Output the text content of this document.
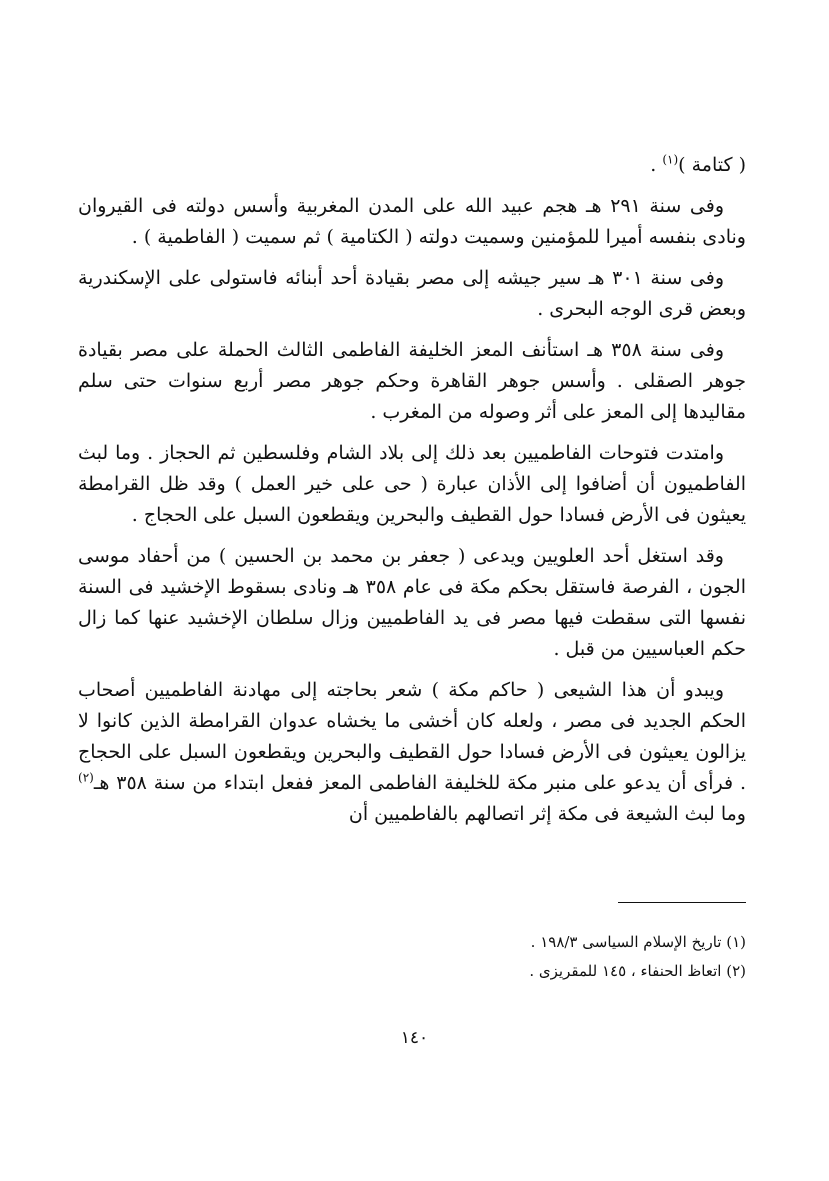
( كتامة )$^{(١)}$ .

وفى سنة ٢٩١ هـ هجم عبيد الله على المدن المغربية وأسس دولته فى القيروان ونادى بنفسه أميرا للمؤمنين وسميت دولته ( الكتامية ) ثم سميت ( الفاطمية ) .

وفى سنة ٣٠١ هـ سير جيشه إلى مصر بقيادة أحد أبنائه فاستولى على الإسكندرية وبعض قرى الوجه البحرى .

وفى سنة ٣٥٨ هـ استأنف المعز الخليفة الفاطمى الثالث الحملة على مصر بقيادة جوهر الصقلى . وأسس جوهر القاهرة وحكم جوهر مصر أربع سنوات حتى سلم مقاليدها إلى المعز على أثر وصوله من المغرب .

وامتدت فتوحات الفاطميين بعد ذلك إلى بلاد الشام وفلسطين ثم الحجاز . وما لبث الفاطميون أن أضافوا إلى الأذان عبارة ( حى على خير العمل ) وقد ظل القرامطة يعيثون فى الأرض فسادا حول القطيف والبحرين ويقطعون السبل على الحجاج .

وقد استغل أحد العلويين ويدعى ( جعفر بن محمد بن الحسين ) من أحفاد موسى الجون ، الفرصة فاستقل بحكم مكة فى عام ٣٥٨ هـ ونادى بسقوط الإخشيد فى السنة نفسها التى سقطت فيها مصر فى يد الفاطميين وزال سلطان الإخشيد عنها كما زال حكم العباسيين من قبل .

ويبدو أن هذا الشيعى ( حاكم مكة ) شعر بحاجته إلى مهادنة الفاطميين أصحاب الحكم الجديد فى مصر ، ولعله كان أخشى ما يخشاه عدوان القرامطة الذين كانوا لا يزالون يعيثون فى الأرض فسادا حول القطيف والبحرين ويقطعون السبل على الحجاج . فرأى أن يدعو على منبر مكة للخليفة الفاطمى المعز ففعل ابتداء من سنة ٣٥٨ هـ$^{(٢)}$ وما لبث الشيعة فى مكة إثر اتصالهم بالفاطميين أن

(١) تاريخ الإسلام السياسى ١٩٨/٣ .
(٢) اتعاظ الحنفاء ، ١٤٥ للمقريزى .
١٤٠
